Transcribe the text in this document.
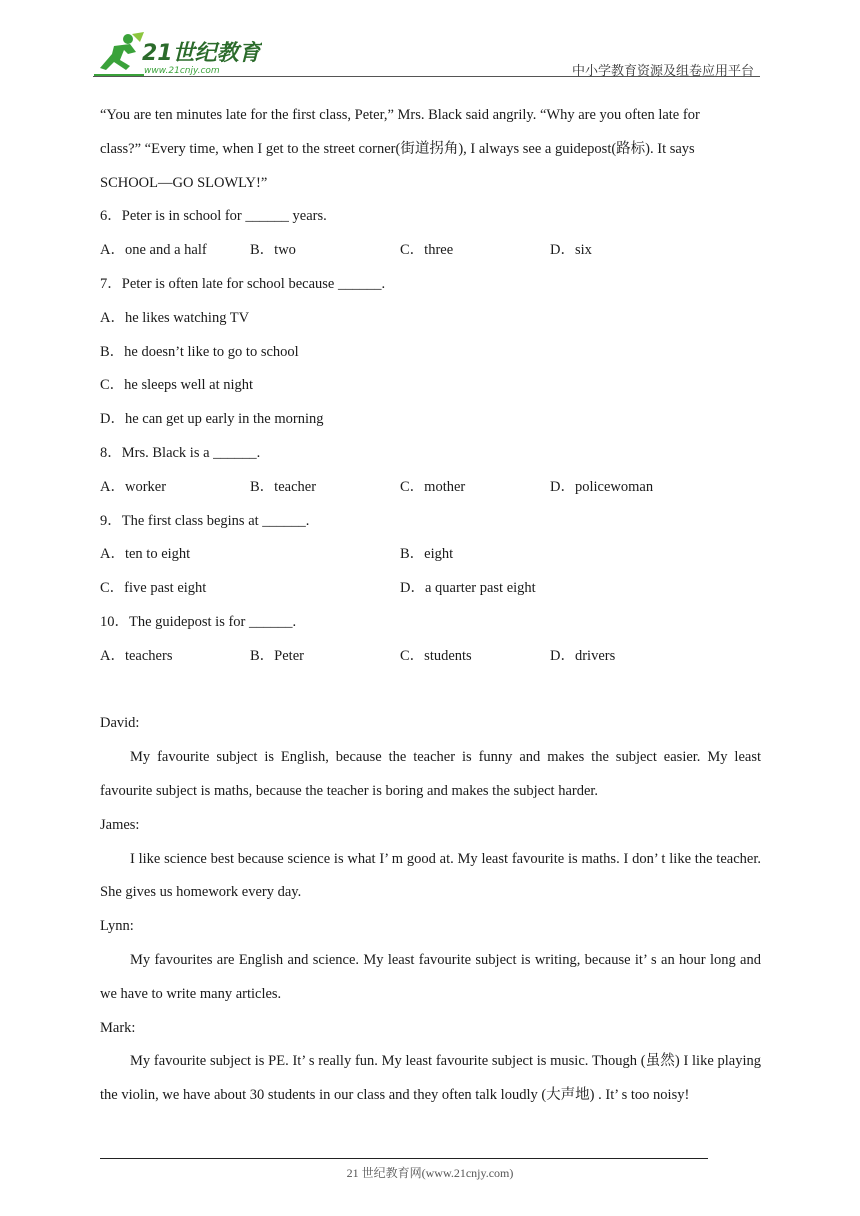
21世纪教育
www.21cnjy.com	中小学教育资源及组卷应用平台
“You are ten minutes late for the first class, Peter,” Mrs. Black said angrily. “Why are you often late for
class?” “Every time, when I get to the street corner(街道拐角), I always see a guidepost(路标). It says
SCHOOL—GO SLOWLY!”
6．Peter is in school for ______ years.
A．one and a half	B．two	C．three	D．six
7．Peter is often late for school because ______.
A．he likes watching TV
B．he doesn’t like to go to school
C．he sleeps well at night
D．he can get up early in the morning
8．Mrs. Black is a ______.
A．worker	B．teacher	C．mother	D．policewoman
9．The first class begins at ______.
A．ten to eight	B．eight
C．five past eight	D．a quarter past eight
10．The guidepost is for ______.
A．teachers	B．Peter	C．students	D．drivers
David:
My favourite subject is English, because the teacher is funny and makes the subject easier. My least favourite subject is maths, because the teacher is boring and makes the subject harder.
James:
I like science best because science is what I’ m good at. My least favourite is maths. I don’ t like the teacher. She gives us homework every day.
Lynn:
My favourites are English and science. My least favourite subject is writing, because it’ s an hour long and we have to write many articles.
Mark:
My favourite subject is PE. It’ s really fun. My least favourite subject is music. Though (虽然) I like playing the violin, we have about 30 students in our class and they often talk loudly (大声地) . It’ s too noisy!
21 世纪教育网(www.21cnjy.com)
